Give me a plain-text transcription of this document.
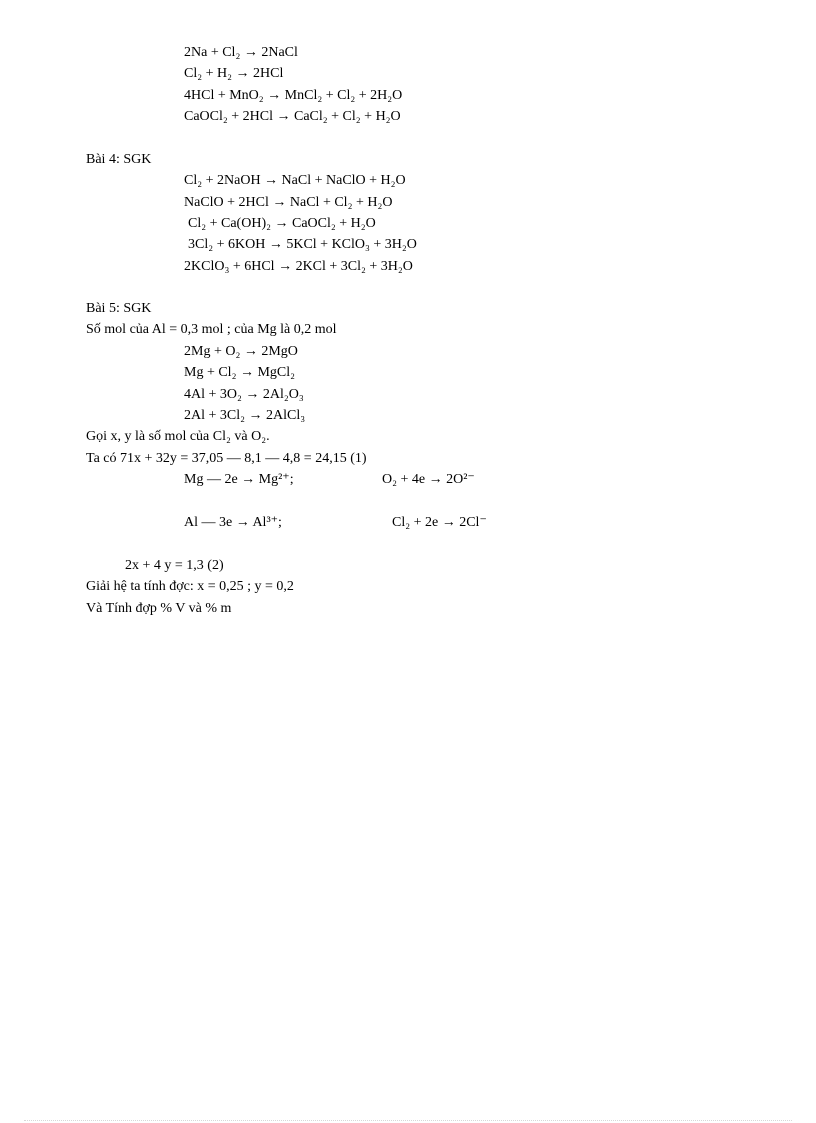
2Na + Cl₂ → 2NaCl
Cl₂ + H₂ → 2HCl
4HCl + MnO₂ → MnCl₂ + Cl₂ + 2H₂O
CaOCl₂ + 2HCl → CaCl₂ + Cl₂ + H₂O
Bài 4: SGK
Cl₂ + 2NaOH → NaCl + NaClO + H₂O
NaClO + 2HCl → NaCl + Cl₂ + H₂O
Cl₂ + Ca(OH)₂ → CaOCl₂ + H₂O
3Cl₂ + 6KOH → 5KCl + KClO₃ + 3H₂O
2KClO₃ + 6HCl → 2KCl + 3Cl₂ + 3H₂O
Bài 5: SGK
Số mol của Al = 0,3 mol ; của Mg là 0,2 mol
2Mg + O₂ → 2MgO
Mg + Cl₂ → MgCl₂
4Al + 3O₂ → 2Al₂O₃
2Al + 3Cl₂ → 2AlCl₃
Gọi x, y là số mol của Cl₂ và O₂.
Ta có 71x + 32y = 37,05 — 8,1 — 4,8 = 24,15 (1)
Mg — 2e → Mg²⁺;	O₂ + 4e → 2O²⁻
Al — 3e → Al³⁺;	Cl₂ + 2e → 2Cl⁻
2x + 4 y = 1,3 (2)
Giải hệ ta tính đợc: x = 0,25 ; y = 0,2
Và Tính đợp % V và % m
